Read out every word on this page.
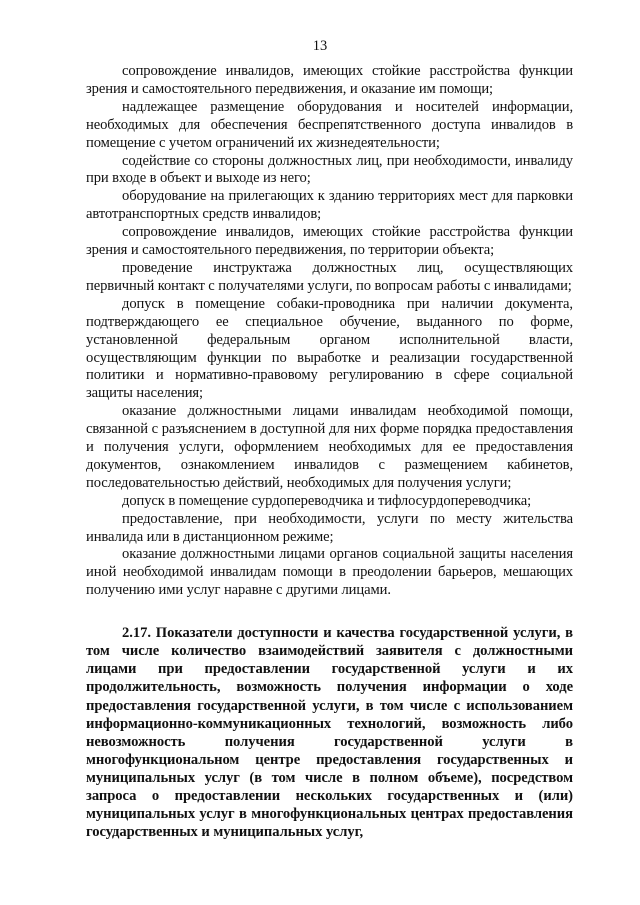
13

сопровождение инвалидов, имеющих стойкие расстройства функции зрения и самостоятельного передвижения, и оказание им помощи;

надлежащее размещение оборудования и носителей информации, необходимых для обеспечения беспрепятственного доступа инвалидов в помещение с учетом ограничений их жизнедеятельности;

содействие со стороны должностных лиц, при необходимости, инвалиду при входе в объект и выходе из него;

оборудование на прилегающих к зданию территориях мест для парковки автотранспортных средств инвалидов;

сопровождение инвалидов, имеющих стойкие расстройства функции зрения и самостоятельного передвижения, по территории объекта;

проведение инструктажа должностных лиц, осуществляющих первичный контакт с получателями услуги, по вопросам работы с инвалидами;

допуск в помещение собаки-проводника при наличии документа, подтверждающего ее специальное обучение, выданного по форме, установленной федеральным органом исполнительной власти, осуществляющим функции по выработке и реализации государственной политики и нормативно-правовому регулированию в сфере социальной защиты населения;

оказание должностными лицами инвалидам необходимой помощи, связанной с разъяснением в доступной для них форме порядка предоставления и получения услуги, оформлением необходимых для ее предоставления документов, ознакомлением инвалидов с размещением кабинетов, последовательностью действий, необходимых для получения услуги;

допуск в помещение сурдопереводчика и тифлосурдопереводчика;

предоставление, при необходимости, услуги по месту жительства инвалида или в дистанционном режиме;

оказание должностными лицами органов социальной защиты населения иной необходимой инвалидам помощи в преодолении барьеров, мешающих получению ими услуг наравне с другими лицами.

2.17. Показатели доступности и качества государственной услуги, в том числе количество взаимодействий заявителя с должностными лицами при предоставлении государственной услуги и их продолжительность, возможность получения информации о ходе предоставления государственной услуги, в том числе с использованием информационно-коммуникационных технологий, возможность либо невозможность получения государственной услуги в многофункциональном центре предоставления государственных и муниципальных услуг (в том числе в полном объеме), посредством запроса о предоставлении нескольких государственных и (или) муниципальных услуг в многофункциональных центрах предоставления государственных и муниципальных услуг,
